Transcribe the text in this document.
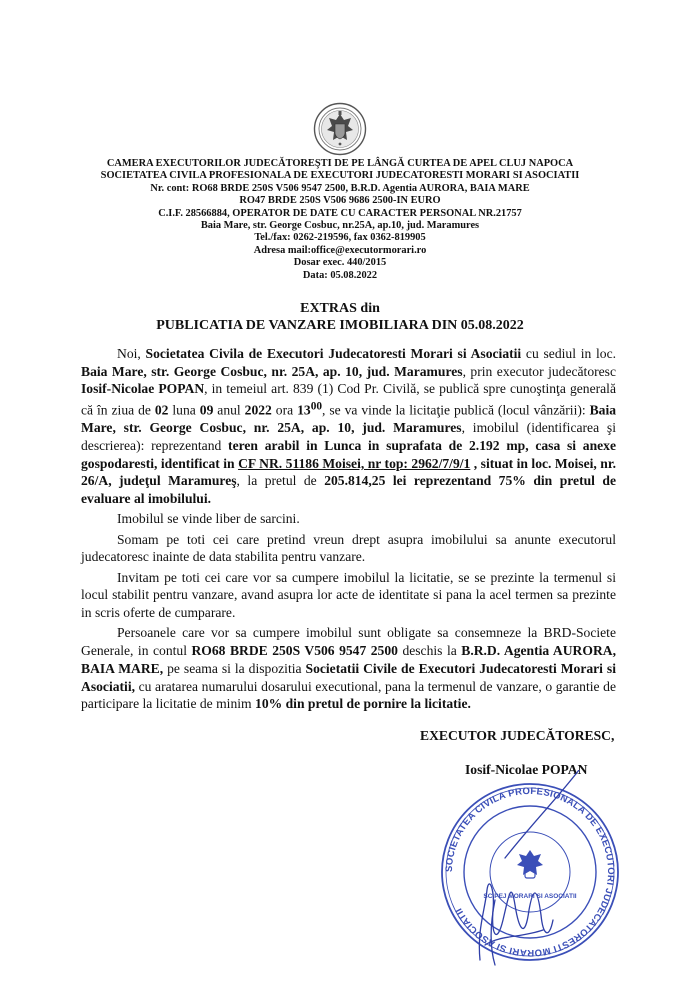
CAMERA EXECUTORILOR JUDECĂTOREŞTI DE PE LÂNGĂ CURTEA DE APEL CLUJ NAPOCA
SOCIETATEA CIVILA PROFESIONALA DE EXECUTORI JUDECATORESTI MORARI SI ASOCIATII
Nr. cont: RO68 BRDE 250S V506 9547 2500, B.R.D. Agentia AURORA, BAIA MARE
RO47 BRDE 250S V506 9686 2500-IN EURO
C.I.F. 28566884, OPERATOR DE DATE CU CARACTER PERSONAL NR.21757
Baia Mare, str. George Cosbuc, nr.25A, ap.10, jud. Maramures
Tel./fax: 0262-219596, fax 0362-819905
Adresa mail:office@executormorari.ro
Dosar exec. 440/2015
Data: 05.08.2022
EXTRAS din
PUBLICATIA DE VANZARE IMOBILIARA DIN 05.08.2022

Noi, Societatea Civila de Executori Judecatoresti Morari si Asociatii cu sediul in loc. Baia Mare, str. George Cosbuc, nr. 25A, ap. 10, jud. Maramures, prin executor judecătoresc Iosif-Nicolae POPAN, in temeiul art. 839 (1) Cod Pr. Civilă, se publică spre cunoştinţa generală că în ziua de 02 luna 09 anul 2022 ora $13^{00}$, se va vinde la licitaţie publică (locul vânzării): Baia Mare, str. George Cosbuc, nr. 25A, ap. 10, jud. Maramures, imobilul (identificarea şi descrierea): reprezentand teren arabil in Lunca in suprafata de 2.192 mp, casa si anexe gospodaresti, identificat in CF NR. 51186 Moisei, nr top: 2962/7/9/1 , situat in loc. Moisei, nr. 26/A, judeţul Maramureş, la pretul de 205.814,25 lei reprezentand 75% din pretul de evaluare al imobilului.

Imobilul se vinde liber de sarcini.

Somam pe toti cei care pretind vreun drept asupra imobilului sa anunte executorul judecatoresc inainte de data stabilita pentru vanzare.

Invitam pe toti cei care vor sa cumpere imobilul la licitatie, se se prezinte la termenul si locul stabilit pentru vanzare, avand asupra lor acte de identitate si pana la acel termen sa prezinte in scris oferte de cumparare.

Persoanele care vor sa cumpere imobilul sunt obligate sa consemneze la BRD-Societe Generale, in contul RO68 BRDE 250S V506 9547 2500 deschis la B.R.D. Agentia AURORA, BAIA MARE, pe seama si la dispozitia Societatii Civile de Executori Judecatoresti Morari si Asociatii, cu aratarea numarului dosarului executional, pana la termenul de vanzare, o garantie de participare la licitatie de minim 10% din pretul de pornire la licitatie.

EXECUTOR JUDECĂTORESC,
Iosif-Nicolae POPAN
SOCIETATEA CIVILA PROFESIONALA DE EXECUTORI JUDECATORESTI MORARI SI ASOCIATII
SC PEJ MORARI SI ASOCIATII
